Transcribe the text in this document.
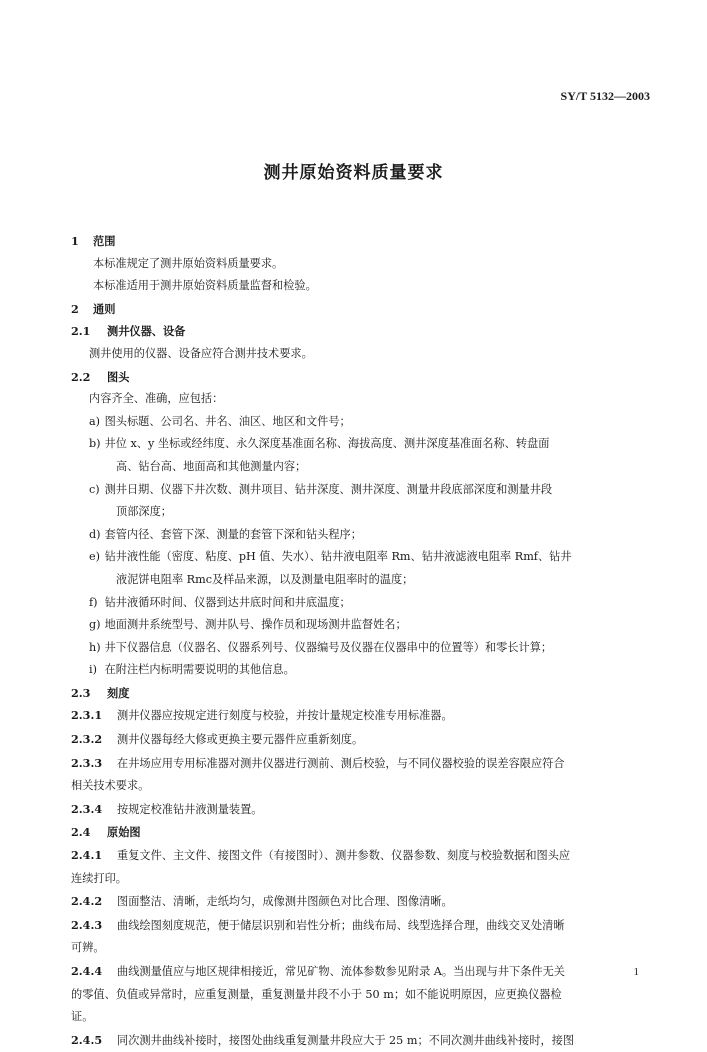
SY/T 5132—2003
测井原始资料质量要求
1 范围
本标准规定了测井原始资料质量要求。
本标准适用于测井原始资料质量监督和检验。
2 通则
2.1 测井仪器、设备
测井使用的仪器、设备应符合测井技术要求。
2.2 图头
内容齐全、准确，应包括：
a) 图头标题、公司名、井名、油区、地区和文件号；
b) 井位 x、y 坐标或经纬度、永久深度基准面名称、海拔高度、测井深度基准面名称、转盘面
高、钻台高、地面高和其他测量内容；
c) 测井日期、仪器下井次数、测井项目、钻井深度、测井深度、测量井段底部深度和测量井段
顶部深度；
d) 套管内径、套管下深、测量的套管下深和钻头程序；
e) 钻井液性能（密度、粘度、pH 值、失水）、钻井液电阻率 Rm、钻井液滤液电阻率 Rmf、钻井
液泥饼电阻率 Rmc及样品来源，以及测量电阻率时的温度；
f) 钻井液循环时间、仪器到达井底时间和井底温度；
g) 地面测井系统型号、测井队号、操作员和现场测井监督姓名；
h) 井下仪器信息（仪器名、仪器系列号、仪器编号及仪器在仪器串中的位置等）和零长计算；
i) 在附注栏内标明需要说明的其他信息。
2.3 刻度
2.3.1 测井仪器应按规定进行刻度与校验，并按计量规定校准专用标准器。
2.3.2 测井仪器每经大修或更换主要元器件应重新刻度。
2.3.3 在井场应用专用标准器对测井仪器进行测前、测后校验，与不同仪器校验的误差容限应符合
相关技术要求。
2.3.4 按规定校准钻井液测量装置。
2.4 原始图
2.4.1 重复文件、主文件、接图文件（有接图时）、测井参数、仪器参数、刻度与校验数据和图头应
连续打印。
2.4.2 图面整洁、清晰，走纸均匀，成像测井图颜色对比合理、图像清晰。
2.4.3 曲线绘图刻度规范，便于储层识别和岩性分析；曲线布局、线型选择合理，曲线交叉处清晰
可辨。
2.4.4 曲线测量值应与地区规律相接近，常见矿物、流体参数参见附录 A。当出现与井下条件无关
的零值、负值或异常时，应重复测量，重复测量井段不小于 50 m；如不能说明原因，应更换仪器检
证。
2.4.5 同次测井曲线补接时，接图处曲线重复测量井段应大于 25 m；不同次测井曲线补接时，接图
1
